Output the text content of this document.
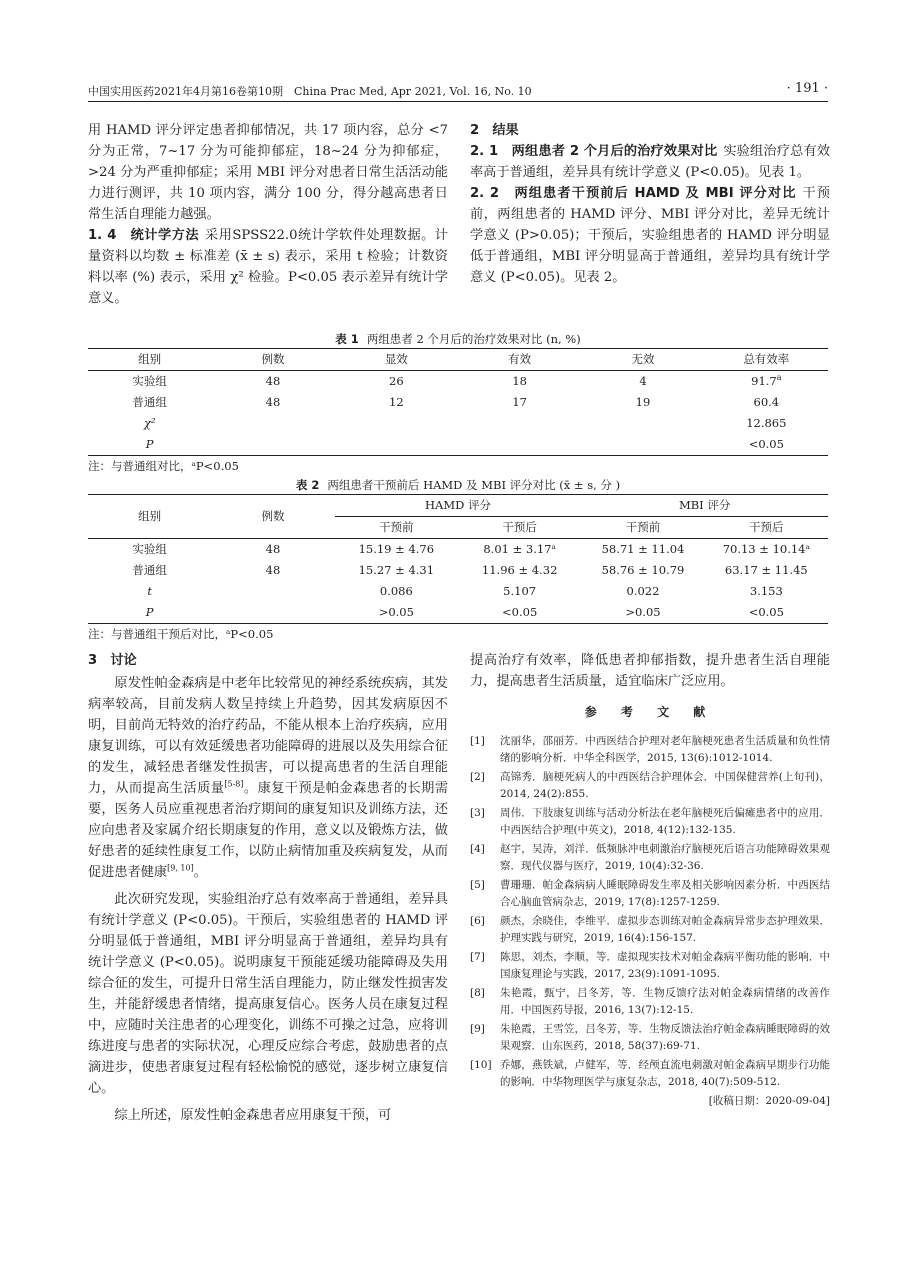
中国实用医药2021年4月第16卷第10期　China Prac Med, Apr 2021, Vol. 16, No. 10	· 191 ·

用 HAMD 评分评定患者抑郁情况，共 17 项内容，总分 <7 分为正常，7~17 分为可能抑郁症，18~24 分为抑郁症，>24 分为严重抑郁症；采用 MBI 评分对患者日常生活活动能力进行测评，共 10 项内容，满分 100 分，得分越高患者日常生活自理能力越强。

1. 4　统计学方法 采用SPSS22.0统计学软件处理数据。计量资料以均数 ± 标准差 (x̄ ± s) 表示，采用 t 检验；计数资料以率 (%) 表示，采用 χ² 检验。P<0.05 表示差异有统计学意义。

2　结果

2. 1　两组患者 2 个月后的治疗效果对比 实验组治疗总有效率高于普通组，差异具有统计学意义 (P<0.05)。见表 1。

2. 2　两组患者干预前后 HAMD 及 MBI 评分对比 干预前，两组患者的 HAMD 评分、MBI 评分对比，差异无统计学意义 (P>0.05)；干预后，实验组患者的 HAMD 评分明显低于普通组，MBI 评分明显高于普通组，差异均具有统计学意义 (P<0.05)。见表 2。

表 1 两组患者 2 个月后的治疗效果对比 (n, %)
组别	例数	显效	有效	无效	总有效率
实验组	48	26	18	4	91.7$^a$
普通组	48	12	17	19	60.4
χ²					12.865
P					<0.05
注：与普通组对比，ᵃP<0.05
表 2 两组患者干预前后 HAMD 及 MBI 评分对比 (x̄ ± s, 分 )
组别	例数	HAMD 评分		MBI 评分	
		干预前	干预后	干预前	干预后
实验组	48	15.19 ± 4.76	8.01 ± 3.17ᵃ	58.71 ± 11.04	70.13 ± 10.14ᵃ
普通组	48	15.27 ± 4.31	11.96 ± 4.32	58.76 ± 10.79	63.17 ± 11.45
t		0.086	5.107	0.022	3.153
P		>0.05	<0.05	>0.05	<0.05
注：与普通组干预后对比，ᵃP<0.05

3　讨论

原发性帕金森病是中老年比较常见的神经系统疾病，其发病率较高，目前发病人数呈持续上升趋势，因其发病原因不明，目前尚无特效的治疗药品，不能从根本上治疗疾病，应用康复训练，可以有效延缓患者功能障碍的进展以及失用综合征的发生，减轻患者继发性损害，可以提高患者的生活自理能力，从而提高生活质量[5-8]。康复干预是帕金森患者的长期需要，医务人员应重视患者治疗期间的康复知识及训练方法，还应向患者及家属介绍长期康复的作用，意义以及锻炼方法，做好患者的延续性康复工作，以防止病情加重及疾病复发，从而促进患者健康[9, 10]。

此次研究发现，实验组治疗总有效率高于普通组，差异具有统计学意义 (P<0.05)。干预后，实验组患者的 HAMD 评分明显低于普通组，MBI 评分明显高于普通组，差异均具有统计学意义 (P<0.05)。说明康复干预能延缓功能障碍及失用综合征的发生，可提升日常生活自理能力，防止继发性损害发生，并能舒缓患者情绪，提高康复信心。医务人员在康复过程中，应随时关注患者的心理变化，训练不可操之过急，应将训练进度与患者的实际状况，心理反应综合考虑，鼓励患者的点滴进步，使患者康复过程有轻松愉悦的感觉，逐步树立康复信心。

综上所述，原发性帕金森患者应用康复干预，可

提高治疗有效率，降低患者抑郁指数，提升患者生活自理能力，提高患者生活质量，适宜临床广泛应用。

参 考 文 献
[1]	沈丽华，邵丽芳．中西医结合护理对老年脑梗死患者生活质量和负性情绪的影响分析．中华全科医学，2015, 13(6):1012-1014.
[2]	高锦秀．脑梗死病人的中西医结合护理体会．中国保健营养(上旬刊)，2014, 24(2):855.
[3]	周伟．下肢康复训练与活动分析法在老年脑梗死后偏瘫患者中的应用．中西医结合护理(中英文)，2018, 4(12):132-135.
[4]	赵宇，吴涛，刘洋．低频脉冲电刺激治疗脑梗死后语言功能障碍效果观察．现代仪器与医疗，2019, 10(4):32-36.
[5]	曹珊珊．帕金森病病人睡眠障碍发生率及相关影响因素分析．中西医结合心脑血管病杂志，2019, 17(8):1257-1259.
[6]	颜杰，余晓佳，李维平．虚拟步态训练对帕金森病异常步态护理效果．护理实践与研究，2019, 16(4):156-157.
[7]	陈思，刘杰，李顺，等．虚拟现实技术对帕金森病平衡功能的影响．中国康复理论与实践，2017, 23(9):1091-1095.
[8]	朱艳霞，甄宁，吕冬芳，等．生物反馈疗法对帕金森病情绪的改善作用．中国医药导报，2016, 13(7):12-15.
[9]	朱艳霞，王雪笠，吕冬芳，等．生物反馈法治疗帕金森病睡眠障碍的效果观察．山东医药，2018, 58(37):69-71.
[10] 乔娜，燕铁斌，卢健军，等．经颅直流电刺激对帕金森病早期步行功能的影响．中华物理医学与康复杂志，2018, 40(7):509-512.
[收稿日期：2020-09-04]
